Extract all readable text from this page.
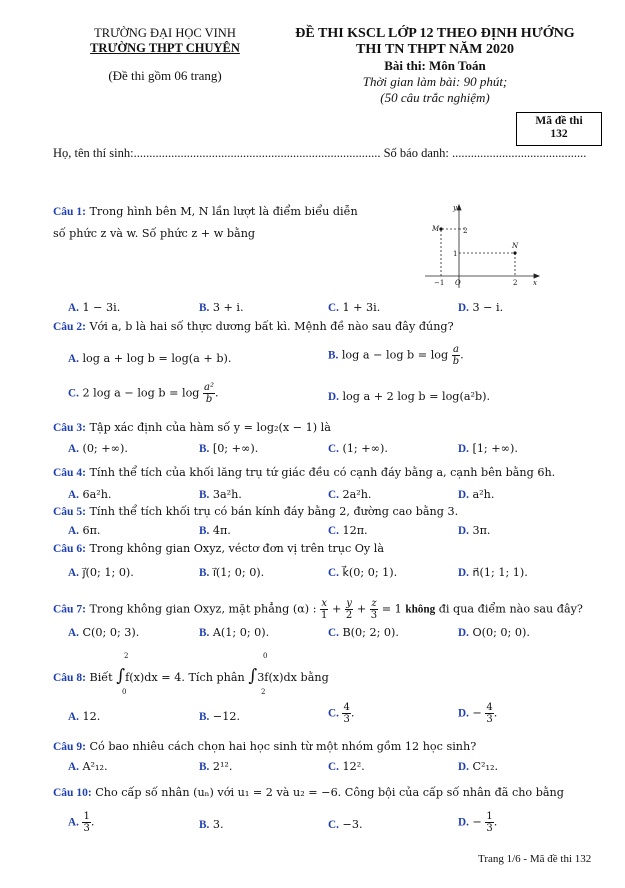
TRƯỜNG ĐẠI HỌC VINH
TRƯỜNG THPT CHUYÊN
(Đề thi gồm 06 trang)
ĐỀ THI KSCL LỚP 12 THEO ĐỊNH HƯỚNG
THI TN THPT NĂM 2020
Bài thi: Môn Toán
Thời gian làm bài: 90 phút;
(50 câu trắc nghiệm)
Mã đề thi
132
Họ, tên thí sinh:............................................................................... Số báo danh: ...........................................
y
x
O
M
N
2
1
−1	2
Câu 1: Trong hình bên M, N lần lượt là điểm biểu diễn
số phức z và w. Số phức z + w bằng
A. 1 − 3i.	B. 3 + i.	C. 1 + 3i.	D. 3 − i.
Câu 2: Với a, b là hai số thực dương bất kì. Mệnh đề nào sau đây đúng?
A. log a + log b = log(a + b).	B. $\log a - \log b = \log \frac{a}{b}$ .
C. 2 $\log a - \log b = \log \frac{\text{a²}}{b}$ .	D. log a + 2 log b = log(a²b).
Câu 3: Tập xác định của hàm số y = log₂(x − 1) là
A. (0; +∞).	B. [0; +∞).	C. (1; +∞).	D. [1; +∞).
Câu 4: Tính thể tích của khối lăng trụ tứ giác đều có cạnh đáy bằng a, cạnh bên bằng 6h.
A. 6a²h.	B. 3a²h.	C. 2a²h.	D. a²h.
Câu 5: Tính thể tích khối trụ có bán kính đáy bằng 2, đường cao bằng 3.
A. 6π.	B. 4π.	C. 12π.	D. 3π.
Câu 6: Trong không gian Oxyz, véctơ đơn vị trên trục Oy là
A. j⃗(0; 1; 0).	B. i⃗(1; 0; 0).	C. k⃗(0; 0; 1).	D. n⃗(1; 1; 1).
Câu 7: Trong không gian Oxyz, mặt phẳng (α) : $\frac{x}{1} + \frac{y}{2} + \frac{z}{3} = 1$ không đi qua điểm nào sau đây?
A. C(0; 0; 3).	B. A(1; 0; 0).	C. B(0; 2; 0).	D. O(0; 0; 0).
Câu 8: Biết ∫f(x)dx = 4. Tích phân ∫3f(x)dx bằng
2
0
0
2
A. 12.	B. −12.	C. $\frac{4}{3}$ .	D. − $\frac{4}{3}$ .
Câu 9: Có bao nhiêu cách chọn hai học sinh từ một nhóm gồm 12 học sinh?
A. A²₁₂.	B. 2¹².	C. 12².	D. C²₁₂.
Câu 10: Cho cấp số nhân (uₙ) với u₁ = 2 và u₂ = −6. Công bội của cấp số nhân đã cho bằng
A. $\frac{1}{3}$ .	B. 3.	C. −3.	D. − $\frac{1}{3}$ .
Trang 1/6 - Mã đề thi 132
